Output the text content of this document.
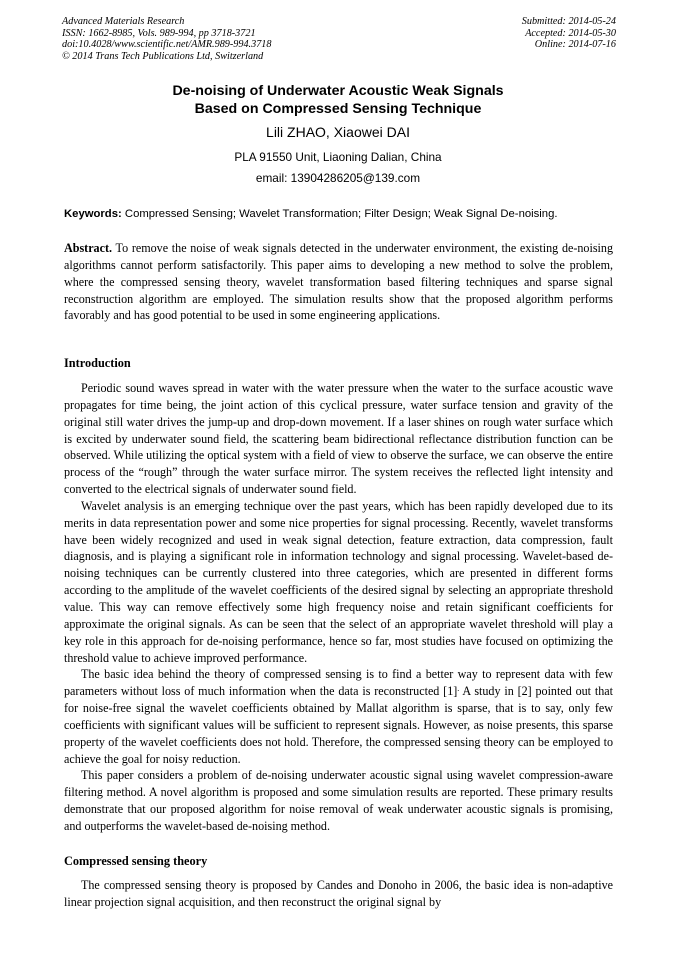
Advanced Materials Research
ISSN: 1662-8985, Vols. 989-994, pp 3718-3721
doi:10.4028/www.scientific.net/AMR.989-994.3718
© 2014 Trans Tech Publications Ltd, Switzerland
Submitted: 2014-05-24
Accepted: 2014-05-30
Online: 2014-07-16
De-noising of Underwater Acoustic Weak Signals
Based on Compressed Sensing Technique
Lili ZHAO, Xiaowei DAI
PLA 91550 Unit, Liaoning Dalian, China
email: 13904286205@139.com
Keywords: Compressed Sensing; Wavelet Transformation; Filter Design; Weak Signal De-noising.
Abstract. To remove the noise of weak signals detected in the underwater environment, the existing de-noising algorithms cannot perform satisfactorily. This paper aims to developing a new method to solve the problem, where the compressed sensing theory, wavelet transformation based filtering techniques and sparse signal reconstruction algorithm are employed. The simulation results show that the proposed algorithm performs favorably and has good potential to be used in some engineering applications.
Introduction

Periodic sound waves spread in water with the water pressure when the water to the surface acoustic wave propagates for time being, the joint action of this cyclical pressure, water surface tension and gravity of the original still water drives the jump-up and drop-down movement. If a laser shines on rough water surface which is excited by underwater sound field, the scattering beam bidirectional reflectance distribution function can be observed. While utilizing the optical system with a field of view to observe the surface, we can observe the entire process of the “rough” through the water surface mirror. The system receives the reflected light intensity and converted to the electrical signals of underwater sound field.

Wavelet analysis is an emerging technique over the past years, which has been rapidly developed due to its merits in data representation power and some nice properties for signal processing. Recently, wavelet transforms have been widely recognized and used in weak signal detection, feature extraction, data compression, fault diagnosis, and is playing a significant role in information technology and signal processing. Wavelet-based de-noising techniques can be currently clustered into three categories, which are presented in different forms according to the amplitude of the wavelet coefficients of the desired signal by selecting an appropriate threshold value. This way can remove effectively some high frequency noise and retain significant coefficients for approximate the original signals. As can be seen that the select of an appropriate wavelet threshold will play a key role in this approach for de-noising performance, hence so far, most studies have focused on optimizing the threshold value to achieve improved performance.

The basic idea behind the theory of compressed sensing is to find a better way to represent data with few parameters without loss of much information when the data is reconstructed [1]. A study in [2] pointed out that for noise-free signal the wavelet coefficients obtained by Mallat algorithm is sparse, that is to say, only few coefficients with significant values will be sufficient to represent signals. However, as noise presents, this sparse property of the wavelet coefficients does not hold. Therefore, the compressed sensing theory can be employed to achieve the goal for noisy reduction.

This paper considers a problem of de-noising underwater acoustic signal using wavelet compression-aware filtering method. A novel algorithm is proposed and some simulation results are reported. These primary results demonstrate that our proposed algorithm for noise removal of weak underwater acoustic signals is promising, and outperforms the wavelet-based de-noising method.

Compressed sensing theory

The compressed sensing theory is proposed by Candes and Donoho in 2006, the basic idea is non-adaptive linear projection signal acquisition, and then reconstruct the original signal by
